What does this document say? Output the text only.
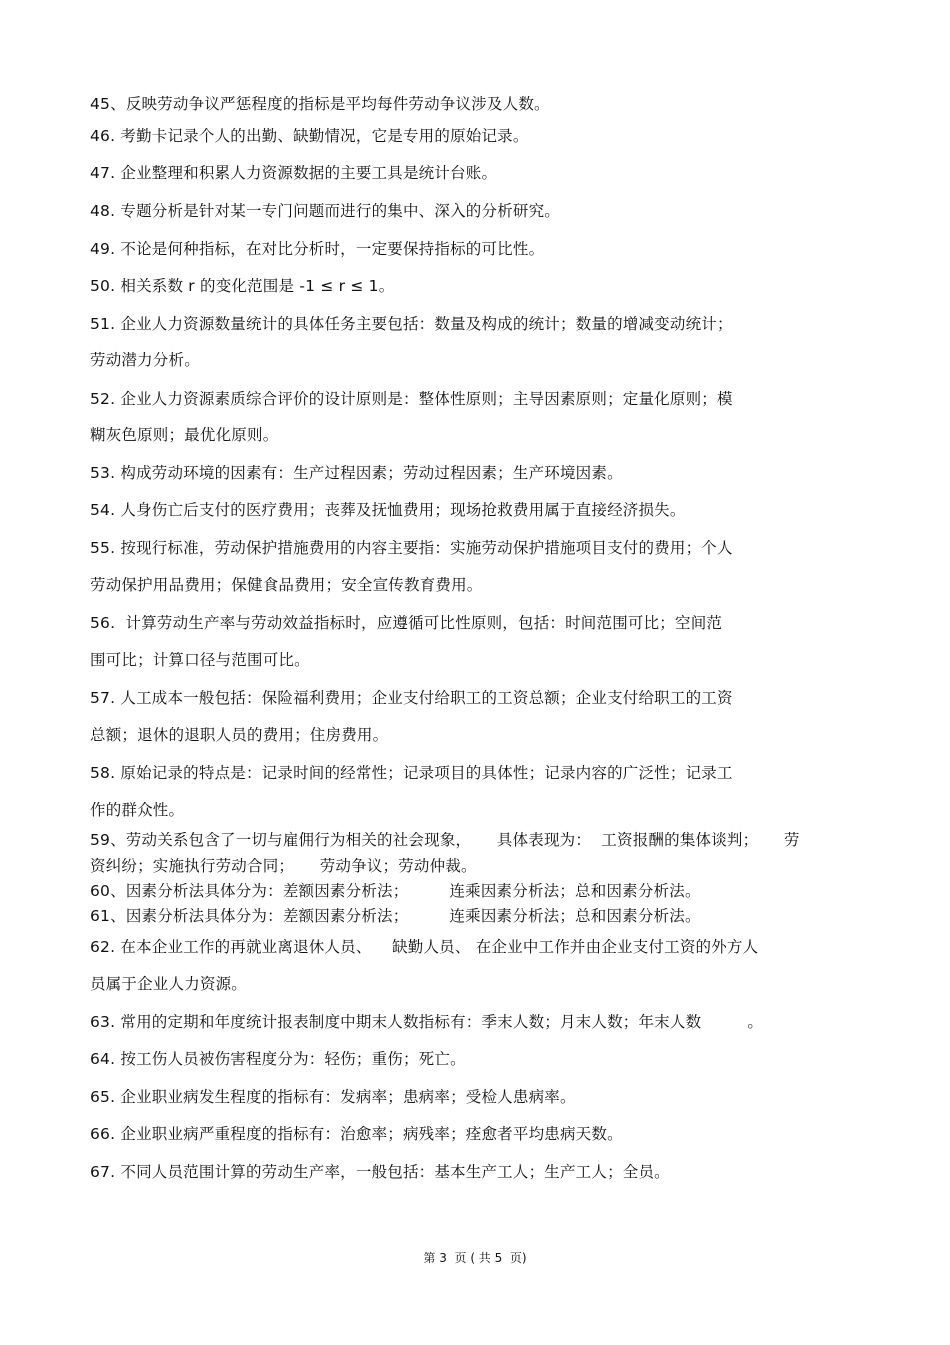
45、反映劳动争议严惩程度的指标是平均每件劳动争议涉及人数。
46. 考勤卡记录个人的出勤、缺勤情况，它是专用的原始记录。
47. 企业整理和积累人力资源数据的主要工具是统计台账。
48. 专题分析是针对某一专门问题而进行的集中、深入的分析研究。
49. 不论是何种指标，在对比分析时，一定要保持指标的可比性。
50. 相关系数 r 的变化范围是 -1 ≤ r ≤ 1。
51. 企业人力资源数量统计的具体任务主要包括：数量及构成的统计；数量的增减变动统计；
劳动潜力分析。
52. 企业人力资源素质综合评价的设计原则是：整体性原则；主导因素原则；定量化原则；模
糊灰色原则；最优化原则。
53. 构成劳动环境的因素有：生产过程因素；劳动过程因素；生产环境因素。
54. 人身伤亡后支付的医疗费用；丧葬及抚恤费用；现场抢救费用属于直接经济损失。
55. 按现行标准，劳动保护措施费用的内容主要指：实施劳动保护措施项目支付的费用；个人
劳动保护用品费用；保健食品费用；安全宣传教育费用。
56.  计算劳动生产率与劳动效益指标时，应遵循可比性原则，包括：时间范围可比；空间范
围可比；计算口径与范围可比。
57. 人工成本一般包括：保险福利费用；企业支付给职工的工资总额；企业支付给职工的工资
总额；退休的退职人员的费用；住房费用。
58. 原始记录的特点是：记录时间的经常性；记录项目的具体性；记录内容的广泛性；记录工
作的群众性。
59、劳动关系包含了一切与雇佣行为相关的社会现象，     具体表现为：  工资报酬的集体谈判；     劳
资纠纷；实施执行劳动合同；     劳动争议；劳动仲裁。
60、因素分析法具体分为：差额因素分析法；        连乘因素分析法；总和因素分析法。
61、因素分析法具体分为：差额因素分析法；        连乘因素分析法；总和因素分析法。
62. 在本企业工作的再就业离退休人员、    缺勤人员、 在企业中工作并由企业支付工资的外方人
员属于企业人力资源。
63. 常用的定期和年度统计报表制度中期末人数指标有：季末人数；月末人数；年末人数         。
64. 按工伤人员被伤害程度分为：轻伤；重伤；死亡。
65. 企业职业病发生程度的指标有：发病率；患病率；受检人患病率。
66. 企业职业病严重程度的指标有：治愈率；病残率；痊愈者平均患病天数。
67. 不同人员范围计算的劳动生产率，一般包括：基本生产工人；生产工人；全员。
第 3  页 ( 共 5  页)
